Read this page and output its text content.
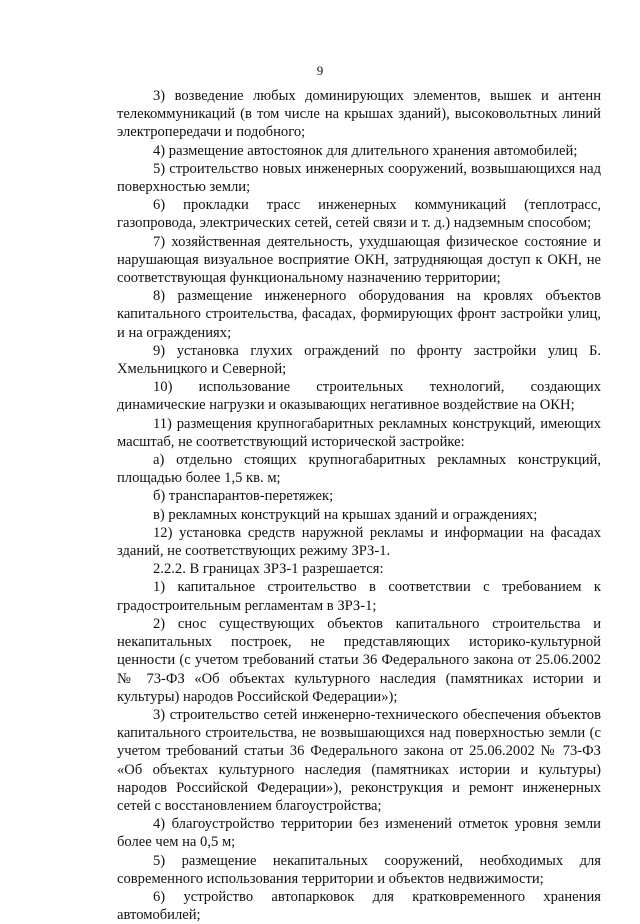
9

3) возведение любых доминирующих элементов, вышек и антенн телекоммуникаций (в том числе на крышах зданий), высоковольтных линий электропередачи и подобного;

4) размещение автостоянок для длительного хранения автомобилей;

5) строительство новых инженерных сооружений, возвышающихся над поверхностью земли;

6) прокладки трасс инженерных коммуникаций (теплотрасс, газопровода, электрических сетей, сетей связи и т. д.) надземным способом;

7) хозяйственная деятельность, ухудшающая физическое состояние и нарушающая визуальное восприятие ОКН, затрудняющая доступ к ОКН, не соответствующая функциональному назначению территории;

8) размещение инженерного оборудования на кровлях объектов капитального строительства, фасадах, формирующих фронт застройки улиц, и на ограждениях;

9) установка глухих ограждений по фронту застройки улиц Б. Хмельницкого и Северной;

10) использование строительных технологий, создающих динамические нагрузки и оказывающих негативное воздействие на ОКН;

11) размещения крупногабаритных рекламных конструкций, имеющих масштаб, не соответствующий исторической застройке:

а) отдельно стоящих крупногабаритных рекламных конструкций, площадью более 1,5 кв. м;

б) транспарантов-перетяжек;

в) рекламных конструкций на крышах зданий и ограждениях;

12) установка средств наружной рекламы и информации на фасадах зданий, не соответствующих режиму ЗРЗ-1.

2.2.2. В границах ЗРЗ-1 разрешается:

1) капитальное строительство в соответствии с требованием к градостроительным регламентам в ЗРЗ-1;

2) снос существующих объектов капитального строительства и некапитальных построек, не представляющих историко-культурной ценности (с учетом требований статьи 36 Федерального закона от 25.06.2002 № 73-ФЗ «Об объектах культурного наследия (памятниках истории и культуры) народов Российской Федерации»);

3) строительство сетей инженерно-технического обеспечения объектов капитального строительства, не возвышающихся над поверхностью земли (с учетом требований статьи 36 Федерального закона от 25.06.2002 № 73-ФЗ «Об объектах культурного наследия (памятниках истории и культуры) народов Российской Федерации»), реконструкция и ремонт инженерных сетей с восстановлением благоустройства;

4) благоустройство территории без изменений отметок уровня земли более чем на 0,5 м;

5) размещение некапитальных сооружений, необходимых для современного использования территории и объектов недвижимости;

6) устройство автопарковок для кратковременного хранения автомобилей;
